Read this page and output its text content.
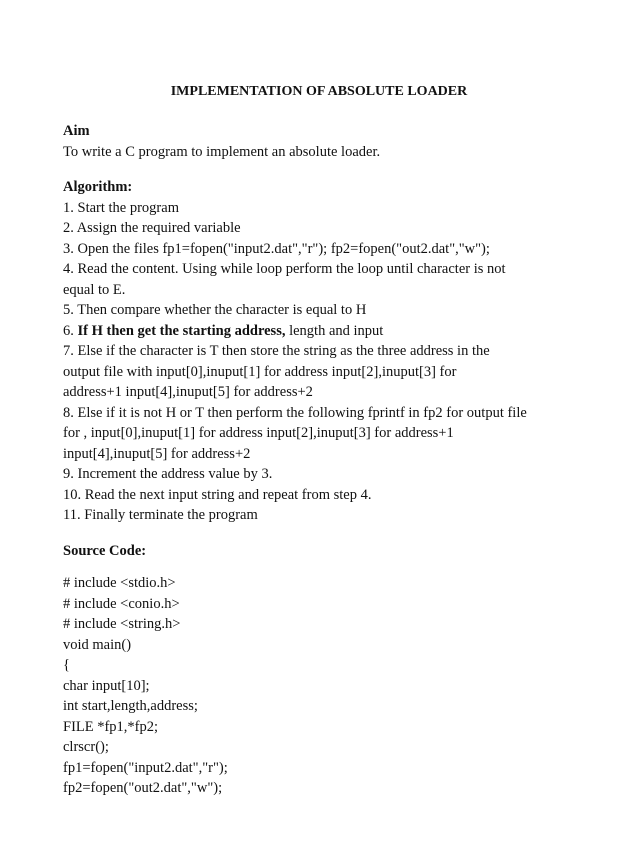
IMPLEMENTATION OF ABSOLUTE LOADER
Aim
To write a C program to implement an absolute loader.
Algorithm:
1. Start the program
2. Assign the required variable
3. Open the files fp1=fopen("input2.dat","r"); fp2=fopen("out2.dat","w");
4. Read the content. Using while loop perform the loop until character is not
equal to E.
5. Then compare whether the character is equal to H
6. If H then get the starting address, length and input
7. Else if the character is T then store the string as the three address in the
output file with input[0],inuput[1] for address input[2],inuput[3] for
address+1 input[4],inuput[5] for address+2
8. Else if it is not H or T then perform the following fprintf in fp2 for output file
for , input[0],inuput[1] for address input[2],inuput[3] for address+1
input[4],inuput[5] for address+2
9. Increment the address value by 3.
10. Read the next input string and repeat from step 4.
11. Finally terminate the program
Source Code:
# include <stdio.h>
# include <conio.h>
# include <string.h>
void main()
{
char input[10];
int start,length,address;
FILE *fp1,*fp2;
clrscr();
fp1=fopen("input2.dat","r");
fp2=fopen("out2.dat","w");
